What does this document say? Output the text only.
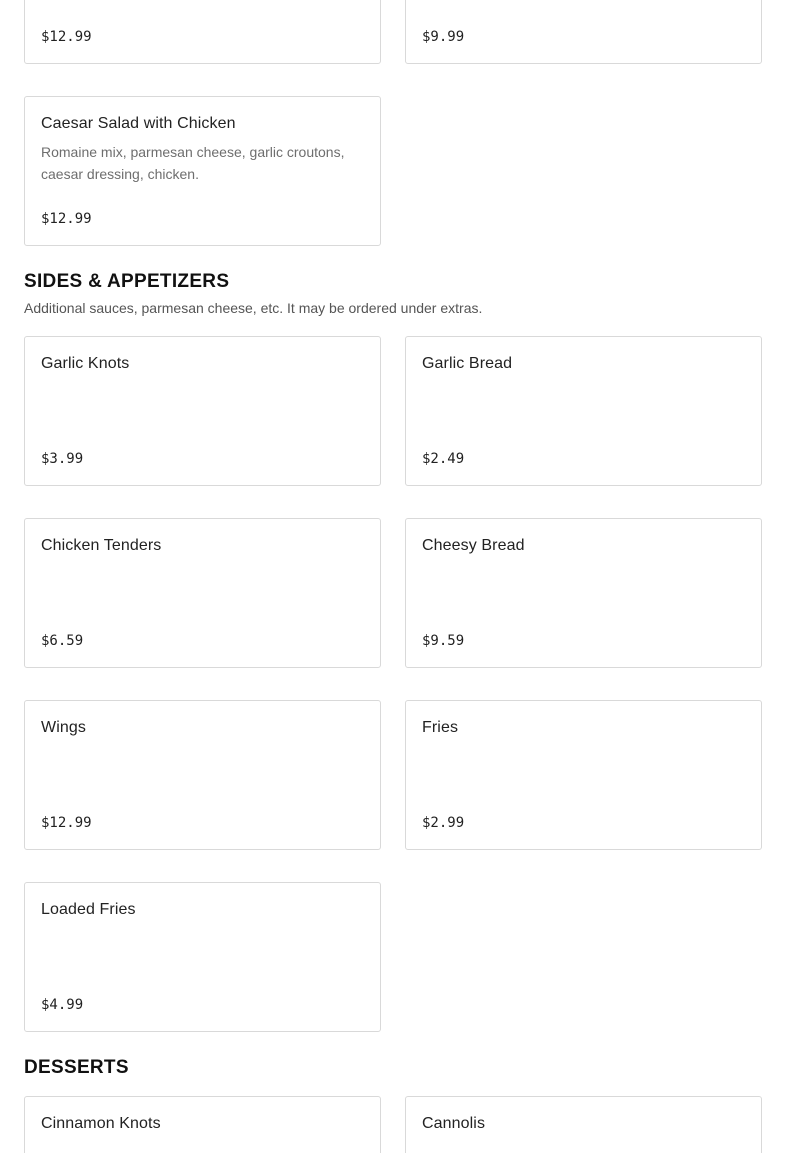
$12.99	$9.99
Caesar Salad with Chicken
Romaine mix, parmesan cheese, garlic croutons, caesar dressing, chicken.
$12.99
SIDES & APPETIZERS
Additional sauces, parmesan cheese, etc. It may be ordered under extras.
Garlic Knots
$3.99
Garlic Bread
$2.49
Chicken Tenders
$6.59
Cheesy Bread
$9.59
Wings
$12.99
Fries
$2.99
Loaded Fries
$4.99
DESSERTS
Cinnamon Knots	Cannolis
